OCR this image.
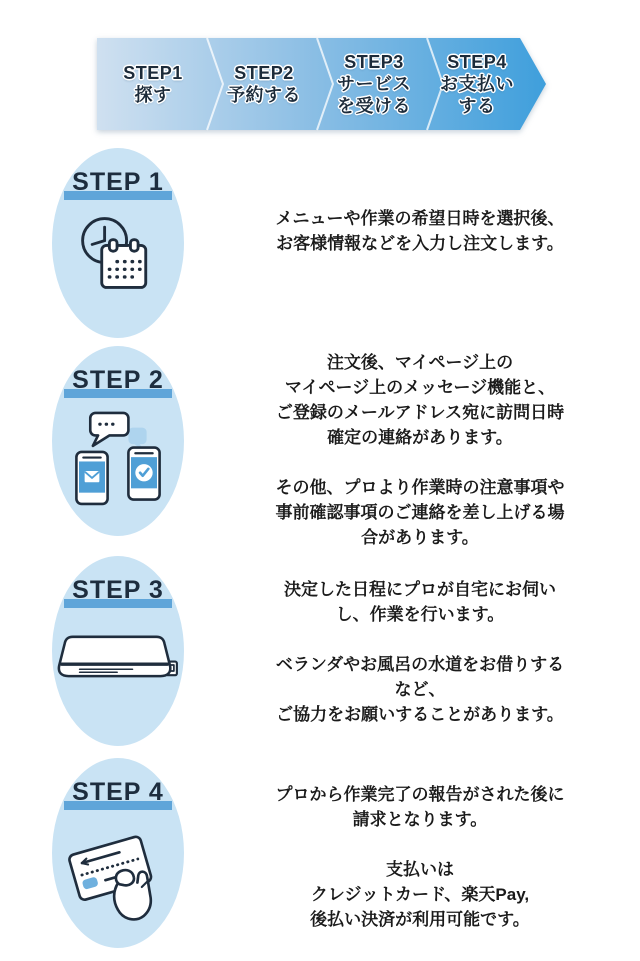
STEP1
探す
STEP2
予約する
STEP3
サービス
を受ける
STEP4
お支払い
する
STEP 1
メニューや作業の希望日時を選択後、
お客様情報などを入力し注文します。
STEP 2
注文後、マイページ上の
マイページ上のメッセージ機能と、
ご登録のメールアドレス宛に訪問日時
確定の連絡があります。
その他、プロより作業時の注意事項や
事前確認事項のご連絡を差し上げる場
合があります。
STEP 3	決定した日程にプロが自宅にお伺い
し、作業を行います。
ベランダやお風呂の水道をお借りする
など、
ご協力をお願いすることがあります。
STEP 4	プロから作業完了の報告がされた後に
請求となります。
支払いは
クレジットカード、楽天Pay,
後払い決済が利用可能です。
